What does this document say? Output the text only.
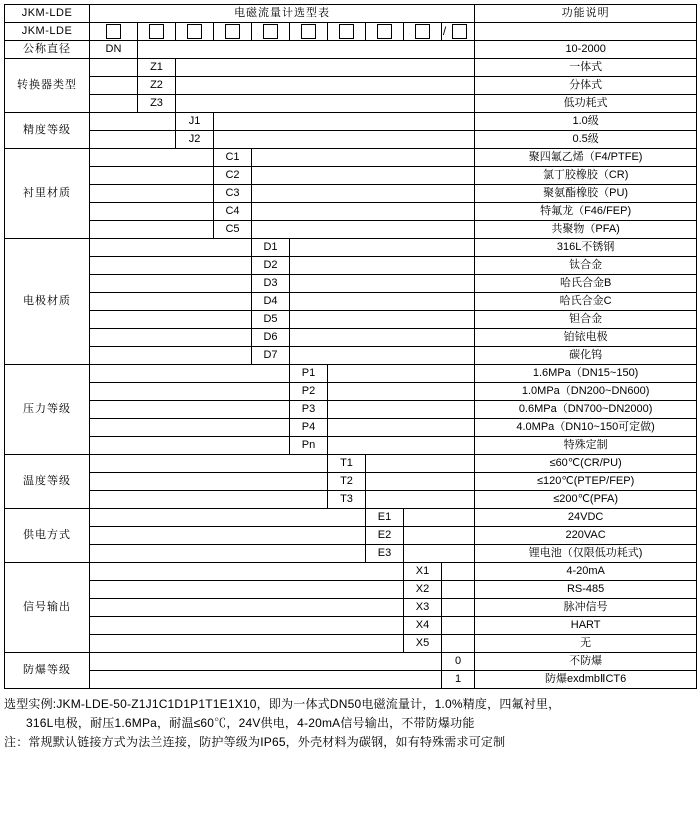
JKM-LDE	电磁流量计选型表										功能说明
JKM-LDE										/	
公称直径	DN										10-2000
转换器类型		Z1									一体式
		Z2									分体式
		Z3									低功耗式
精度等级			J1								1.0级
			J2								0.5级
衬里材质				C1							聚四氟乙烯（F4/PTFE)
				C2							氯丁胶橡胶（CR)
				C3							聚氨酯橡胶（PU)
				C4							特氟龙（F46/FEP)
				C5							共聚物（PFA)
电极材质					D1						316L不锈钢
					D2						钛合金
					D3						哈氏合金B
					D4						哈氏合金C
					D5						钽合金
					D6						铂铱电极
					D7						碳化钨
压力等级						P1					1.6MPa（DN15~150)
						P2					1.0MPa（DN200~DN600)
						P3					0.6MPa（DN700~DN2000)
						P4					4.0MPa（DN10~150可定做)
						Pn					特殊定制
温度等级							T1				≤60℃(CR/PU)
							T2				≤120℃(PTEP/FEP)
							T3				≤200℃(PFA)
供电方式								E1			24VDC
								E2			220VAC
								E3			锂电池（仅限低功耗式)
信号输出									X1		4-20mA
									X2		RS-485
									X3		脉冲信号
									X4		HART
									X5		无
防爆等级										0	不防爆
										1	防爆exdmbⅡCT6
选型实例:JKM-LDE-50-Z1J1C1D1P1T1E1X10，即为一体式DN50电磁流量计，1.0%精度，四氟衬里，
316L电极，耐压1.6MPa，耐温≤60℃，24V供电，4-20mA信号输出，不带防爆功能
注：常规默认链接方式为法兰连接，防护等级为IP65，外壳材料为碳钢，如有特殊需求可定制
